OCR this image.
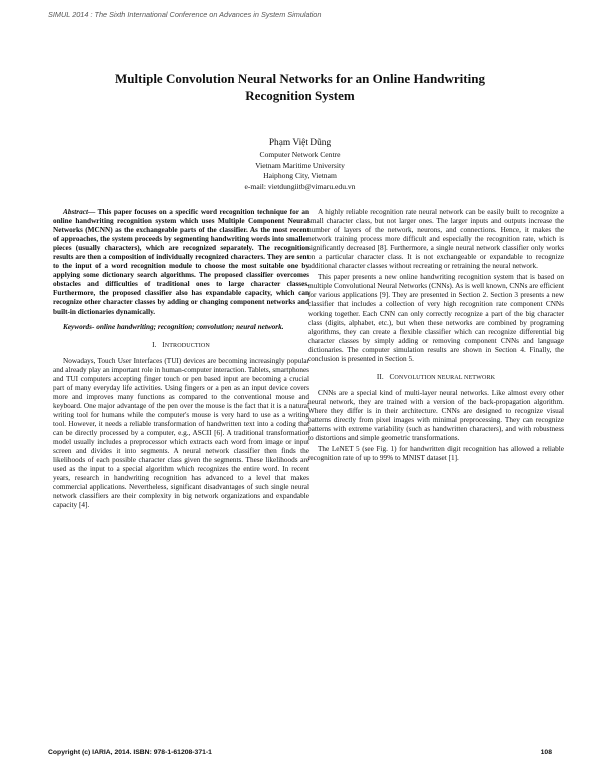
SIMUL 2014 : The Sixth International Conference on Advances in System Simulation
Multiple Convolution Neural Networks for an Online Handwriting
Recognition System
Phạm Việt Dũng
Computer Network Centre
Vietnam Maritime University
Haiphong City, Vietnam
e-mail: vietdungiitb@vimaru.edu.vn

Abstract— This paper focuses on a specific word recognition technique for an online handwriting recognition system which uses Multiple Component Neural Networks (MCNN) as the exchangeable parts of the classifier. As the most recent of approaches, the system proceeds by segmenting handwriting words into smaller pieces (usually characters), which are recognized separately. The recognition results are then a composition of individually recognized characters. They are sent to the input of a word recognition module to choose the most suitable one by applying some dictionary search algorithms. The proposed classifier overcomes obstacles and difficulties of traditional ones to large character classes. Furthermore, the proposed classifier also has expandable capacity, which can recognize other character classes by adding or changing component networks and built-in dictionaries dynamically.

Keywords- online handwriting; recognition; convolution; neural network.

I. INTRODUCTION

Nowadays, Touch User Interfaces (TUI) devices are becoming increasingly popular and already play an important role in human-computer interaction. Tablets, smartphones and TUI computers accepting finger touch or pen based input are becoming a crucial part of many everyday life activities. Using fingers or a pen as an input device covers more and improves many functions as compared to the conventional mouse and keyboard. One major advantage of the pen over the mouse is the fact that it is a natural writing tool for humans while the computer's mouse is very hard to use as a writing tool. However, it needs a reliable transformation of handwritten text into a coding that can be directly processed by a computer, e.g., ASCII [6]. A traditional transformation model usually includes a preprocessor which extracts each word from image or input screen and divides it into segments. A neural network classifier then finds the likelihoods of each possible character class given the segments. These likelihoods are used as the input to a special algorithm which recognizes the entire word. In recent years, research in handwriting recognition has advanced to a level that makes commercial applications. Nevertheless, significant disadvantages of such single neural network classifiers are their complexity in big network organizations and expandable capacity [4].

A highly reliable recognition rate neural network can be easily built to recognize a small character class, but not larger ones. The larger inputs and outputs increase the number of layers of the network, neurons, and connections. Hence, it makes the network training process more difficult and especially the recognition rate, which is significantly decreased [8]. Furthermore, a single neural network classifier only works on a particular character class. It is not exchangeable or expandable to recognize additional character classes without recreating or retraining the neural network.

This paper presents a new online handwriting recognition system that is based on multiple Convolutional Neural Networks (CNNs). As is well known, CNNs are efficient for various applications [9]. They are presented in Section 2. Section 3 presents a new classifier that includes a collection of very high recognition rate component CNNs working together. Each CNN can only correctly recognize a part of the big character class (digits, alphabet, etc.), but when these networks are combined by programing algorithms, they can create a flexible classifier which can recognize differential big character classes by simply adding or removing component CNNs and language dictionaries. The computer simulation results are shown in Section 4. Finally, the conclusion is presented in Section 5.

II. CONVOLUTION NEURAL NETWORK

CNNs are a special kind of multi-layer neural networks. Like almost every other neural network, they are trained with a version of the back-propagation algorithm. Where they differ is in their architecture. CNNs are designed to recognize visual patterns directly from pixel images with minimal preprocessing. They can recognize patterns with extreme variability (such as handwritten characters), and with robustness to distortions and simple geometric transformations.

The LeNET 5 (see Fig. 1) for handwritten digit recognition has allowed a reliable recognition rate of up to 99% to MNIST dataset [1].

Copyright (c) IARIA, 2014. ISBN: 978-1-61208-371-1	108
